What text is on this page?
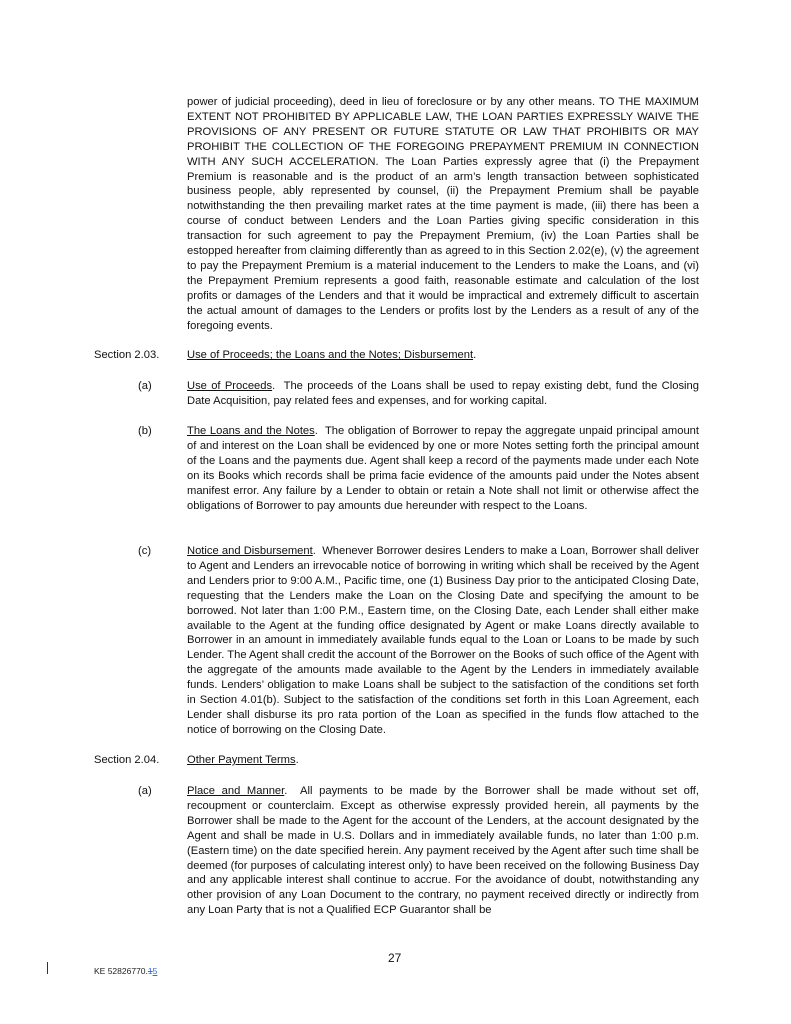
power of judicial proceeding), deed in lieu of foreclosure or by any other means. TO THE MAXIMUM EXTENT NOT PROHIBITED BY APPLICABLE LAW, THE LOAN PARTIES EXPRESSLY WAIVE THE PROVISIONS OF ANY PRESENT OR FUTURE STATUTE OR LAW THAT PROHIBITS OR MAY PROHIBIT THE COLLECTION OF THE FOREGOING PREPAYMENT PREMIUM IN CONNECTION WITH ANY SUCH ACCELERATION. The Loan Parties expressly agree that (i) the Prepayment Premium is reasonable and is the product of an arm’s length transaction between sophisticated business people, ably represented by counsel, (ii) the Prepayment Premium shall be payable notwithstanding the then prevailing market rates at the time payment is made, (iii) there has been a course of conduct between Lenders and the Loan Parties giving specific consideration in this transaction for such agreement to pay the Prepayment Premium, (iv) the Loan Parties shall be estopped hereafter from claiming differently than as agreed to in this Section 2.02(e), (v) the agreement to pay the Prepayment Premium is a material inducement to the Lenders to make the Loans, and (vi) the Prepayment Premium represents a good faith, reasonable estimate and calculation of the lost profits or damages of the Lenders and that it would be impractical and extremely difficult to ascertain the actual amount of damages to the Lenders or profits lost by the Lenders as a result of any of the foregoing events.
Section 2.03. Use of Proceeds; the Loans and the Notes; Disbursement.
(a)	Use of Proceeds.  The proceeds of the Loans shall be used to repay existing debt, fund the Closing Date Acquisition, pay related fees and expenses, and for working capital.
(b)	The Loans and the Notes.  The obligation of Borrower to repay the aggregate unpaid principal amount of and interest on the Loan shall be evidenced by one or more Notes setting forth the principal amount of the Loans and the payments due. Agent shall keep a record of the payments made under each Note on its Books which records shall be prima facie evidence of the amounts paid under the Notes absent manifest error. Any failure by a Lender to obtain or retain a Note shall not limit or otherwise affect the obligations of Borrower to pay amounts due hereunder with respect to the Loans.
(c)	Notice and Disbursement.  Whenever Borrower desires Lenders to make a Loan, Borrower shall deliver to Agent and Lenders an irrevocable notice of borrowing in writing which shall be received by the Agent and Lenders prior to 9:00 A.M., Pacific time, one (1) Business Day prior to the anticipated Closing Date, requesting that the Lenders make the Loan on the Closing Date and specifying the amount to be borrowed. Not later than 1:00 P.M., Eastern time, on the Closing Date, each Lender shall either make available to the Agent at the funding office designated by Agent or make Loans directly available to Borrower in an amount in immediately available funds equal to the Loan or Loans to be made by such Lender. The Agent shall credit the account of the Borrower on the Books of such office of the Agent with the aggregate of the amounts made available to the Agent by the Lenders in immediately available funds. Lenders’ obligation to make Loans shall be subject to the satisfaction of the conditions set forth in Section 4.01(b). Subject to the satisfaction of the conditions set forth in this Loan Agreement, each Lender shall disburse its pro rata portion of the Loan as specified in the funds flow attached to the notice of borrowing on the Closing Date.
Section 2.04. Other Payment Terms.
(a)	Place and Manner.  All payments to be made by the Borrower shall be made without set off, recoupment or counterclaim. Except as otherwise expressly provided herein, all payments by the Borrower shall be made to the Agent for the account of the Lenders, at the account designated by the Agent and shall be made in U.S. Dollars and in immediately available funds, no later than 1:00 p.m. (Eastern time) on the date specified herein. Any payment received by the Agent after such time shall be deemed (for purposes of calculating interest only) to have been received on the following Business Day and any applicable interest shall continue to accrue. For the avoidance of doubt, notwithstanding any other provision of any Loan Document to the contrary, no payment received directly or indirectly from any Loan Party that is not a Qualified ECP Guarantor shall be
27
KE 52826770.15
